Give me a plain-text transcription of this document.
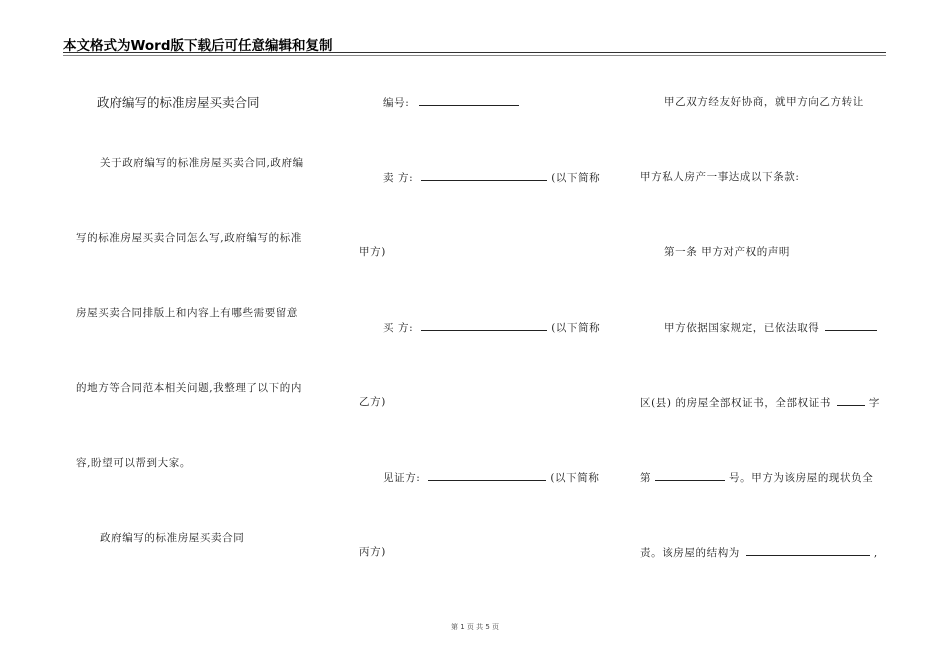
本文格式为Word版下载后可任意编辑和复制
政府编写的标准房屋买卖合同
关于政府编写的标准房屋买卖合同,政府编
写的标准房屋买卖合同怎么写,政府编写的标准
房屋买卖合同排版上和内容上有哪些需要留意
的地方等合同范本相关问题,我整理了以下的内
容,盼望可以帮到大家。
政府编写的标准房屋买卖合同
编号:
卖 方:	(以下简称
甲方)
买 方:	(以下简称
乙方)
见证方:	(以下简称
丙方)
甲乙双方经友好协商，就甲方向乙方转让
甲方私人房产一事达成以下条款:
第一条 甲方对产权的声明
甲方依据国家规定，已依法取得
区(县) 的房屋全部权证书，全部权证书	字
第	号。甲方为该房屋的现状负全
责。该房屋的结构为	,
第 1 页 共 5 页
